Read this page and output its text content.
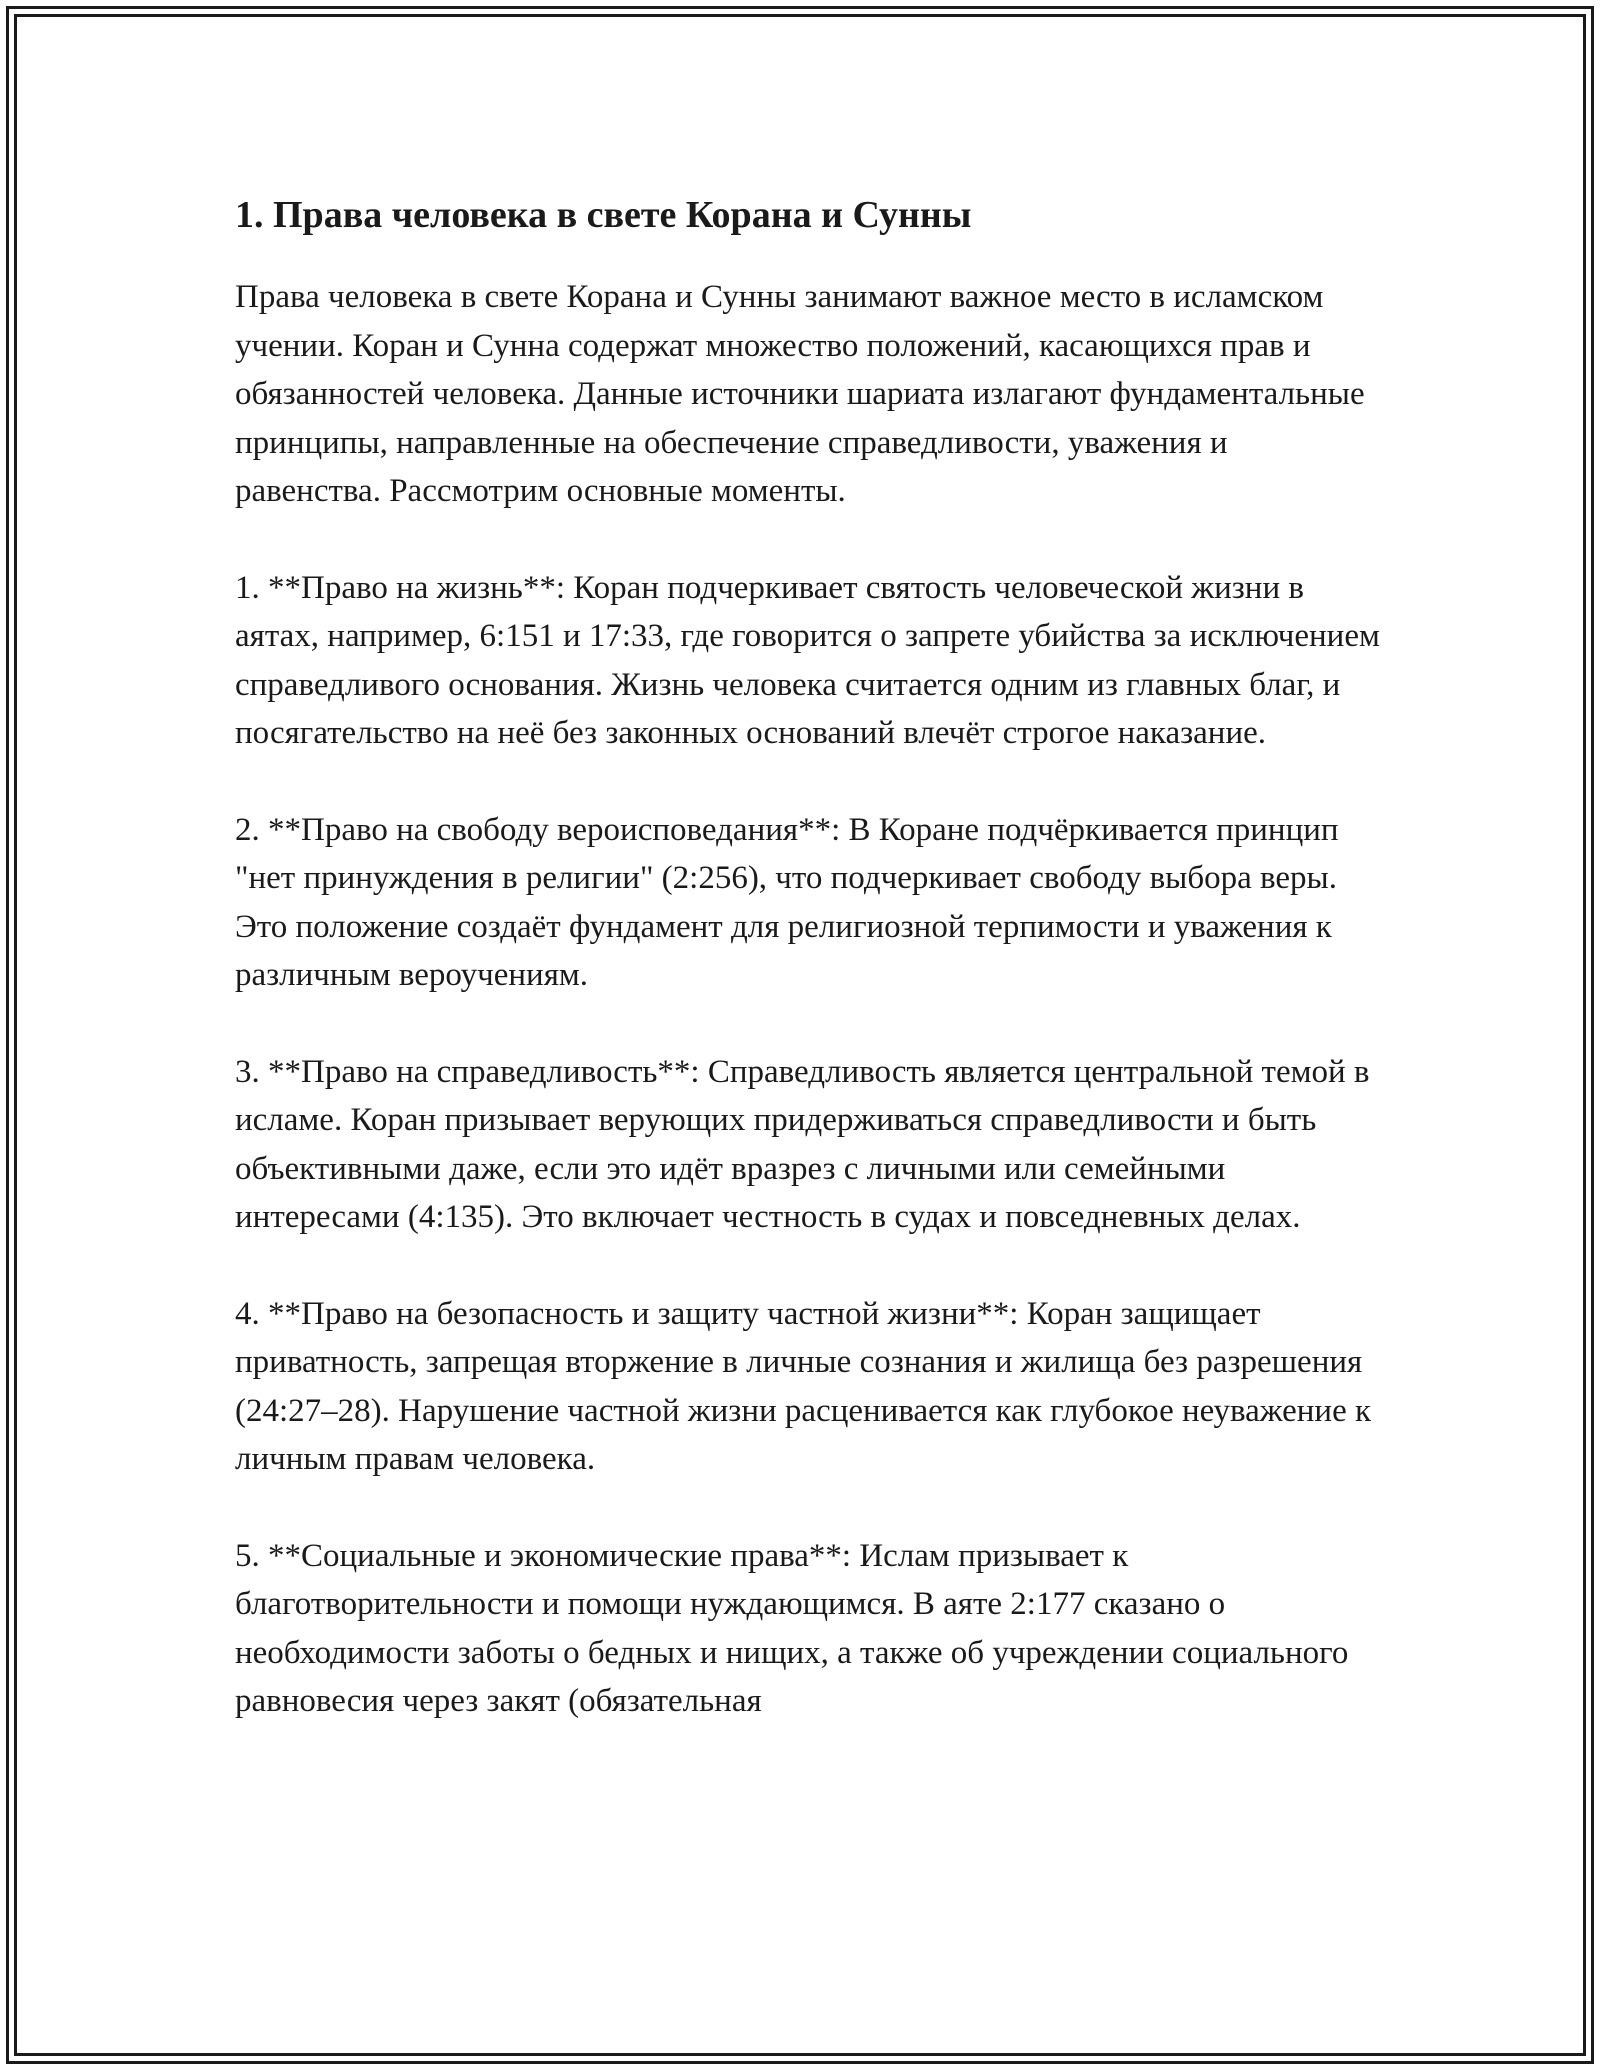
1. Права человека в свете Корана и Сунны

Права человека в свете Корана и Сунны занимают важное место в исламском учении. Коран и Сунна содержат множество положений, касающихся прав и обязанностей человека. Данные источники шариата излагают фундаментальные принципы, направленные на обеспечение справедливости, уважения и равенства. Рассмотрим основные моменты.

1. **Право на жизнь**: Коран подчеркивает святость человеческой жизни в аятах, например, 6:151 и 17:33, где говорится о запрете убийства за исключением справедливого основания. Жизнь человека считается одним из главных благ, и посягательство на неё без законных оснований влечёт строгое наказание.

2. **Право на свободу вероисповедания**: В Коране подчёркивается принцип "нет принуждения в религии" (2:256), что подчеркивает свободу выбора веры. Это положение создаёт фундамент для религиозной терпимости и уважения к различным вероучениям.

3. **Право на справедливость**: Справедливость является центральной темой в исламе. Коран призывает верующих придерживаться справедливости и быть объективными даже, если это идёт вразрез с личными или семейными интересами (4:135). Это включает честность в судах и повседневных делах.

4. **Право на безопасность и защиту частной жизни**: Коран защищает приватность, запрещая вторжение в личные сознания и жилища без разрешения (24:27–28). Нарушение частной жизни расценивается как глубокое неуважение к личным правам человека.

5. **Социальные и экономические права**: Ислам призывает к благотворительности и помощи нуждающимся. В аяте 2:177 сказано о необходимости заботы о бедных и нищих, а также об учреждении социального равновесия через закят (обязательная
